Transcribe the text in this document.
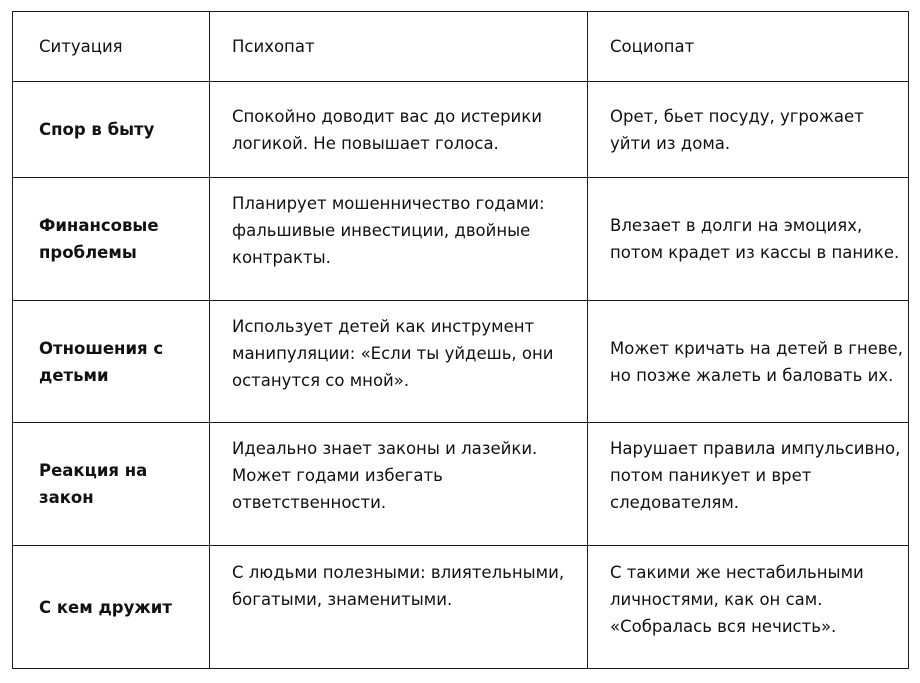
Ситуация	Психопат	Социопат
Спор в быту	Спокойно доводит вас до истерики логикой. Не повышает голоса.	Орет, бьет посуду, угрожает уйти из дома.
Финансовые проблемы	Планирует мошенничество годами: фальшивые инвестиции, двойные контракты.	Влезает в долги на эмоциях, потом крадет из кассы в панике.
Отношения с детьми	Использует детей как инструмент манипуляции: «Если ты уйдешь, они останутся со мной».	Может кричать на детей в гневе, но позже жалеть и баловать их.
Реакция на закон	Идеально знает законы и лазейки. Может годами избегать ответственности.	Нарушает правила импульсивно, потом паникует и врет следователям.
С кем дружит	С людьми полезными: влиятельными, богатыми, знаменитыми.	С такими же нестабильными личностями, как он сам. «Собралась вся нечисть».
